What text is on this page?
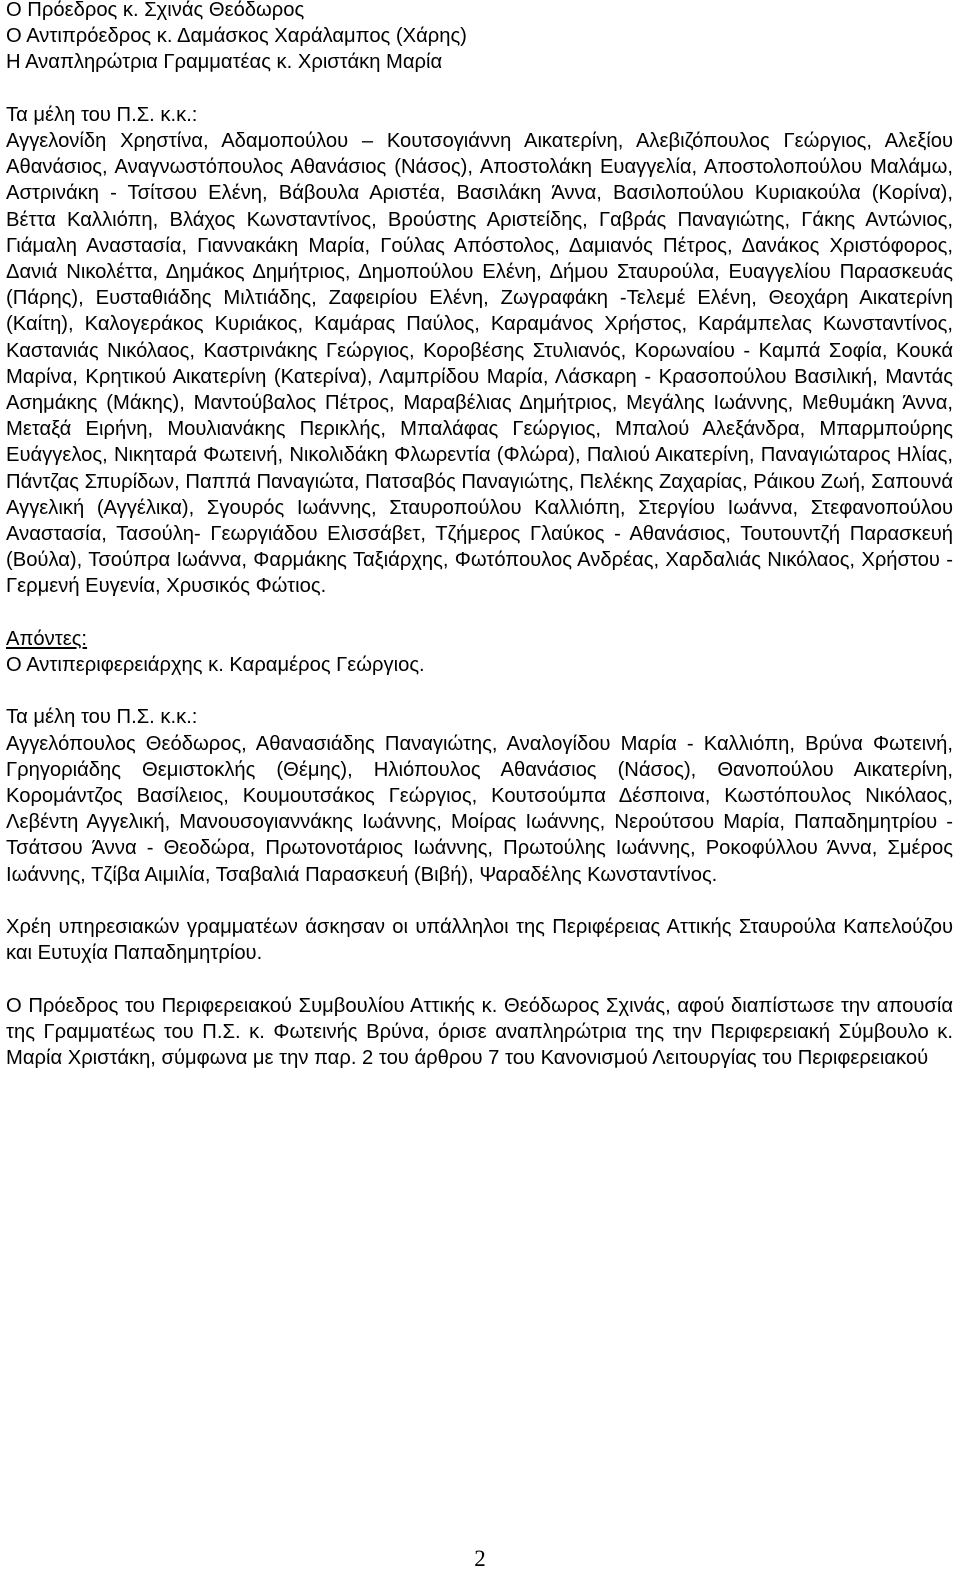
Ο Πρόεδρος κ. Σχινάς Θεόδωρος
Ο Αντιπρόεδρος κ. Δαμάσκος Χαράλαμπος (Χάρης)
Η Αναπληρώτρια Γραμματέας κ. Χριστάκη Μαρία
Τα μέλη του Π.Σ. κ.κ.:
Αγγελονίδη Χρηστίνα, Αδαμοπούλου – Κουτσογιάννη Αικατερίνη, Αλεβιζόπουλος Γεώργιος, Αλεξίου Αθανάσιος, Αναγνωστόπουλος Αθανάσιος (Νάσος), Αποστολάκη Ευαγγελία, Αποστολοπούλου Μαλάμω, Αστρινάκη - Τσίτσου Ελένη, Βάβουλα Αριστέα, Βασιλάκη Άννα, Βασιλοπούλου Κυριακούλα (Κορίνα), Βέττα Καλλιόπη, Βλάχος Κωνσταντίνος, Βρούστης Αριστείδης, Γαβράς Παναγιώτης, Γάκης Αντώνιος, Γιάμαλη Αναστασία, Γιαννακάκη Μαρία, Γούλας Απόστολος, Δαμιανός Πέτρος, Δανάκος Χριστόφορος, Δανιά Νικολέττα, Δημάκος Δημήτριος, Δημοπούλου Ελένη, Δήμου Σταυρούλα, Ευαγγελίου Παρασκευάς (Πάρης), Ευσταθιάδης Μιλτιάδης, Ζαφειρίου Ελένη, Ζωγραφάκη -Τελεμέ Ελένη, Θεοχάρη Αικατερίνη (Καίτη), Καλογεράκος Κυριάκος, Καμάρας Παύλος, Καραμάνος Χρήστος, Καράμπελας Κωνσταντίνος, Καστανιάς Νικόλαος, Καστρινάκης Γεώργιος, Κοροβέσης Στυλιανός, Κορωναίου - Καμπά Σοφία, Κουκά Μαρίνα, Κρητικού Αικατερίνη (Κατερίνα), Λαμπρίδου Μαρία, Λάσκαρη - Κρασοπούλου Βασιλική, Μαντάς Ασημάκης (Μάκης), Μαντούβαλος Πέτρος, Μαραβέλιας Δημήτριος, Μεγάλης Ιωάννης, Μεθυμάκη Άννα, Μεταξά Ειρήνη, Μουλιανάκης Περικλής, Μπαλάφας Γεώργιος, Μπαλού Αλεξάνδρα, Μπαρμπούρης Ευάγγελος, Νικηταρά Φωτεινή, Νικολιδάκη Φλωρεντία (Φλώρα), Παλιού Αικατερίνη, Παναγιώταρος Ηλίας, Πάντζας Σπυρίδων, Παππά Παναγιώτα, Πατσαβός Παναγιώτης, Πελέκης Ζαχαρίας, Ράικου Ζωή, Σαπουνά Αγγελική (Αγγέλικα), Σγουρός Ιωάννης, Σταυροπούλου Καλλιόπη, Στεργίου Ιωάννα, Στεφανοπούλου Αναστασία, Τασούλη- Γεωργιάδου Ελισσάβετ, Τζήμερος Γλαύκος - Αθανάσιος, Τουτουντζή Παρασκευή (Βούλα), Τσούπρα Ιωάννα, Φαρμάκης Ταξιάρχης, Φωτόπουλος Ανδρέας, Χαρδαλιάς Νικόλαος, Χρήστου - Γερμενή Ευγενία, Χρυσικός Φώτιος.
Απόντες:
Ο Αντιπεριφερειάρχης κ. Καραμέρος Γεώργιος.
Τα μέλη του Π.Σ. κ.κ.:
Αγγελόπουλος Θεόδωρος, Αθανασιάδης Παναγιώτης, Αναλογίδου Μαρία - Καλλιόπη, Βρύνα Φωτεινή, Γρηγοριάδης Θεμιστοκλής (Θέμης), Ηλιόπουλος Αθανάσιος (Νάσος), Θανοπούλου Αικατερίνη, Κορομάντζος Βασίλειος, Κουμουτσάκος Γεώργιος, Κουτσούμπα Δέσποινα, Κωστόπουλος Νικόλαος, Λεβέντη Αγγελική, Μανουσογιαννάκης Ιωάννης, Μοίρας Ιωάννης, Νερούτσου Μαρία, Παπαδημητρίου - Τσάτσου Άννα - Θεοδώρα, Πρωτονοτάριος Ιωάννης, Πρωτούλης Ιωάννης, Ροκοφύλλου Άννα, Σμέρος Ιωάννης, Τζίβα Αιμιλία, Τσαβαλιά Παρασκευή (Βιβή), Ψαραδέλης Κωνσταντίνος.
Χρέη υπηρεσιακών γραμματέων άσκησαν οι υπάλληλοι της Περιφέρειας Αττικής Σταυρούλα Καπελούζου και Ευτυχία Παπαδημητρίου.
Ο Πρόεδρος του Περιφερειακού Συμβουλίου Αττικής κ. Θεόδωρος Σχινάς, αφού διαπίστωσε την απουσία της Γραμματέως του Π.Σ. κ. Φωτεινής Βρύνα, όρισε αναπληρώτρια της την Περιφερειακή Σύμβουλο κ. Μαρία Χριστάκη, σύμφωνα με την παρ. 2 του άρθρου 7 του Κανονισμού Λειτουργίας του Περιφερειακού
2
